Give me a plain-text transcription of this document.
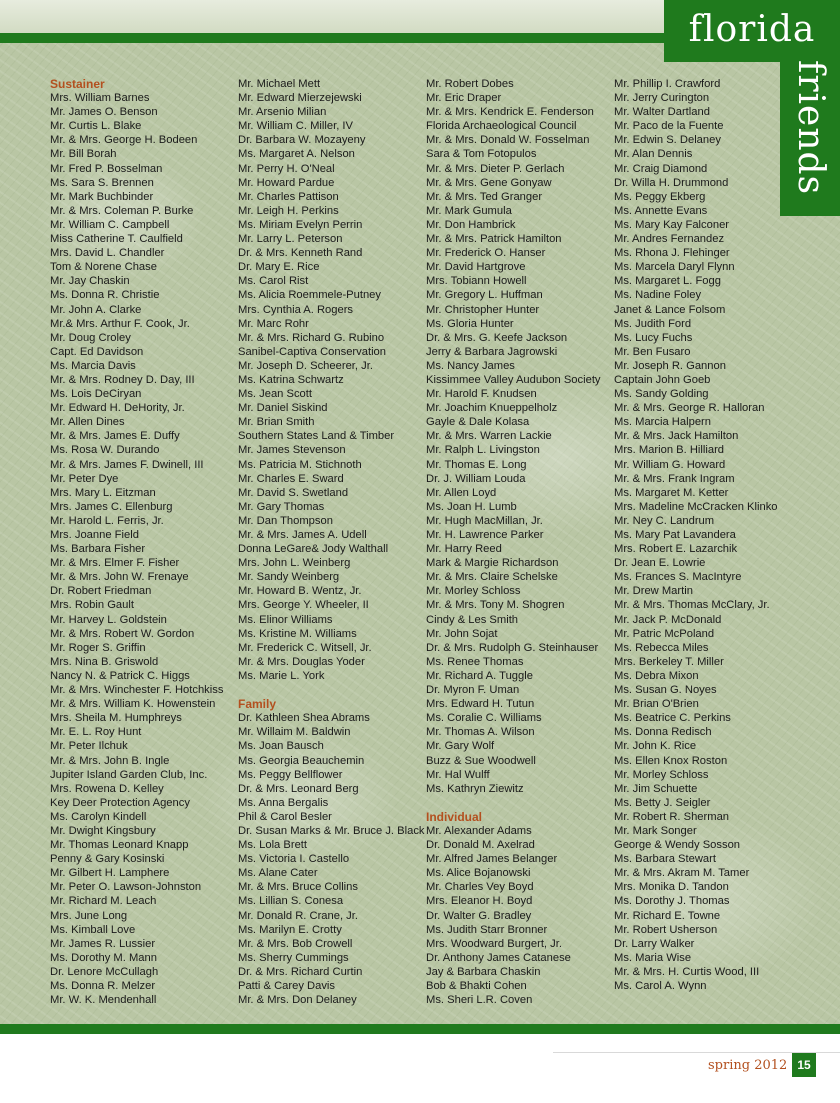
florida
friends
Sustainer
Mrs. William Barnes
Mr. James O. Benson
Mr. Curtis L. Blake
Mr. & Mrs. George H. Bodeen
Mr. Bill Borah
Mr. Fred P. Bosselman
Ms. Sara S. Brennen
Mr. Mark Buchbinder
Mr. & Mrs. Coleman P. Burke
Mr. William C. Campbell
Miss Catherine T. Caulfield
Mrs. David L. Chandler
Tom & Norene Chase
Mr. Jay Chaskin
Ms. Donna R. Christie
Mr. John A. Clarke
Mr.& Mrs. Arthur F. Cook, Jr.
Mr. Doug Croley
Capt. Ed Davidson
Ms. Marcia Davis
Mr. & Mrs. Rodney D. Day, III
Ms. Lois DeCiryan
Mr. Edward H. DeHority, Jr.
Mr. Allen Dines
Mr. & Mrs. James E. Duffy
Ms. Rosa W. Durando
Mr. & Mrs. James F. Dwinell, III
Mr. Peter Dye
Mrs. Mary L. Eitzman
Mrs. James C. Ellenburg
Mr. Harold L. Ferris, Jr.
Mrs. Joanne Field
Ms. Barbara Fisher
Mr. & Mrs. Elmer F. Fisher
Mr. & Mrs. John W. Frenaye
Dr. Robert Friedman
Mrs. Robin Gault
Mr. Harvey L. Goldstein
Mr. & Mrs. Robert W. Gordon
Mr. Roger S. Griffin
Mrs. Nina B. Griswold
Nancy N. & Patrick C. Higgs
Mr. & Mrs. Winchester F. Hotchkiss
Mr. & Mrs. William K. Howenstein
Mrs. Sheila M. Humphreys
Mr. E. L. Roy Hunt
Mr. Peter Ilchuk
Mr. & Mrs. John B. Ingle
Jupiter Island Garden Club, Inc.
Mrs. Rowena D. Kelley
Key Deer Protection Agency
Ms. Carolyn Kindell
Mr. Dwight Kingsbury
Mr. Thomas Leonard Knapp
Penny & Gary Kosinski
Mr. Gilbert H. Lamphere
Mr. Peter O. Lawson-Johnston
Mr. Richard M. Leach
Mrs. June Long
Ms. Kimball Love
Mr. James R. Lussier
Ms. Dorothy M. Mann
Dr. Lenore McCullagh
Ms. Donna R. Melzer
Mr. W. K. Mendenhall
Mr. Michael Mett
Mr. Edward Mierzejewski
Mr. Arsenio Milian
Mr. William C. Miller, IV
Dr. Barbara W. Mozayeny
Ms. Margaret A. Nelson
Mr. Perry H. O'Neal
Mr. Howard Pardue
Mr. Charles Pattison
Mr. Leigh H. Perkins
Ms. Miriam Evelyn Perrin
Mr. Larry L. Peterson
Dr. & Mrs. Kenneth Rand
Dr. Mary E. Rice
Ms. Carol Rist
Ms. Alicia Roemmele-Putney
Mrs. Cynthia A. Rogers
Mr. Marc Rohr
Mr. & Mrs. Richard G. Rubino
Sanibel-Captiva Conservation
Mr. Joseph D. Scheerer, Jr.
Ms. Katrina Schwartz
Ms. Jean Scott
Mr. Daniel Siskind
Mr. Brian Smith
Southern States Land & Timber
Mr. James Stevenson
Ms. Patricia M. Stichnoth
Mr. Charles E. Sward
Mr. David S. Swetland
Mr. Gary Thomas
Mr. Dan Thompson
Mr. & Mrs. James A. Udell
Donna LeGare& Jody Walthall
Mrs. John L. Weinberg
Mr. Sandy Weinberg
Mr. Howard B. Wentz, Jr.
Mrs. George Y. Wheeler, II
Ms. Elinor Williams
Ms. Kristine M. Williams
Mr. Frederick C. Witsell, Jr.
Mr. & Mrs. Douglas Yoder
Ms. Marie L. York
Family
Dr. Kathleen Shea Abrams
Mr. Willaim M. Baldwin
Ms. Joan Bausch
Ms. Georgia Beauchemin
Ms. Peggy Bellflower
Dr. & Mrs. Leonard Berg
Ms. Anna Bergalis
Phil & Carol Besler
Dr. Susan Marks & Mr. Bruce J. Black
Ms. Lola Brett
Ms. Victoria I. Castello
Ms. Alane Cater
Mr. & Mrs. Bruce Collins
Ms. Lillian S. Conesa
Mr. Donald R. Crane, Jr.
Ms. Marilyn E. Crotty
Mr. & Mrs. Bob Crowell
Ms. Sherry Cummings
Dr. & Mrs. Richard Curtin
Patti & Carey Davis
Mr. & Mrs. Don Delaney
Mr. Robert Dobes
Mr. Eric Draper
Mr. & Mrs. Kendrick E. Fenderson
Florida Archaeological Council
Mr. & Mrs. Donald W. Fosselman
Sara & Tom Fotopulos
Mr. & Mrs. Dieter P. Gerlach
Mr. & Mrs. Gene Gonyaw
Mr. & Mrs. Ted Granger
Mr. Mark Gumula
Mr. Don Hambrick
Mr. & Mrs. Patrick Hamilton
Mr. Frederick O. Hanser
Mr. David Hartgrove
Mrs. Tobiann Howell
Mr. Gregory L. Huffman
Mr. Christopher Hunter
Ms. Gloria Hunter
Dr. & Mrs. G. Keefe Jackson
Jerry & Barbara Jagrowski
Ms. Nancy James
Kissimmee Valley Audubon Society
Mr. Harold F. Knudsen
Mr. Joachim Knueppelholz
Gayle & Dale Kolasa
Mr. & Mrs. Warren Lackie
Mr. Ralph L. Livingston
Mr. Thomas E. Long
Dr. J. William Louda
Mr. Allen Loyd
Ms. Joan H. Lumb
Mr. Hugh MacMillan, Jr.
Mr. H. Lawrence Parker
Mr. Harry Reed
Mark & Margie Richardson
Mr. & Mrs. Claire Schelske
Mr. Morley Schloss
Mr. & Mrs. Tony M. Shogren
Cindy & Les Smith
Mr. John Sojat
Dr. & Mrs. Rudolph G. Steinhauser
Ms. Renee Thomas
Mr. Richard A. Tuggle
Dr. Myron F. Uman
Mrs. Edward H. Tutun
Ms. Coralie C. Williams
Mr. Thomas A. Wilson
Mr. Gary Wolf
Buzz & Sue Woodwell
Mr. Hal Wulff
Ms. Kathryn Ziewitz
Individual
Mr. Alexander Adams
Dr. Donald M. Axelrad
Mr. Alfred James Belanger
Ms. Alice Bojanowski
Mr. Charles Vey Boyd
Mrs. Eleanor H. Boyd
Dr. Walter G. Bradley
Ms. Judith Starr Bronner
Mrs. Woodward Burgert, Jr.
Dr. Anthony James Catanese
Jay & Barbara Chaskin
Bob & Bhakti Cohen
Ms. Sheri L.R. Coven
Mr. Phillip I. Crawford
Mr. Jerry Curington
Mr. Walter Dartland
Mr. Paco de la Fuente
Mr. Edwin S. Delaney
Mr. Alan Dennis
Mr. Craig Diamond
Dr. Willa H. Drummond
Ms. Peggy Ekberg
Ms. Annette Evans
Ms. Mary Kay Falconer
Mr. Andres Fernandez
Ms. Rhona J. Flehinger
Ms. Marcela Daryl Flynn
Ms. Margaret L. Fogg
Ms. Nadine Foley
Janet & Lance Folsom
Ms. Judith Ford
Ms. Lucy Fuchs
Mr. Ben Fusaro
Mr. Joseph R. Gannon
Captain John Goeb
Ms. Sandy Golding
Mr. & Mrs. George R. Halloran
Ms. Marcia Halpern
Mr. & Mrs. Jack Hamilton
Mrs. Marion B. Hilliard
Mr. William G. Howard
Mr. & Mrs. Frank Ingram
Ms. Margaret M. Ketter
Mrs. Madeline McCracken Klinko
Mr. Ney C. Landrum
Ms. Mary Pat Lavandera
Mrs. Robert E. Lazarchik
Dr. Jean E. Lowrie
Ms. Frances S. MacIntyre
Mr. Drew Martin
Mr. & Mrs. Thomas McClary, Jr.
Mr. Jack P. McDonald
Mr. Patric McPoland
Ms. Rebecca Miles
Mrs. Berkeley T. Miller
Ms. Debra Mixon
Ms. Susan G. Noyes
Mr. Brian O'Brien
Ms. Beatrice C. Perkins
Ms. Donna Redisch
Mr. John K. Rice
Ms. Ellen Knox Roston
Mr. Morley Schloss
Mr. Jim Schuette
Ms. Betty J. Seigler
Mr. Robert R. Sherman
Mr. Mark Songer
George & Wendy Sosson
Ms. Barbara Stewart
Mr. & Mrs. Akram M. Tamer
Mrs. Monika D. Tandon
Ms. Dorothy J. Thomas
Mr. Richard E. Towne
Mr. Robert Usherson
Dr. Larry Walker
Ms. Maria Wise
Mr. & Mrs. H. Curtis Wood, III
Ms. Carol A. Wynn
spring 2012 15
